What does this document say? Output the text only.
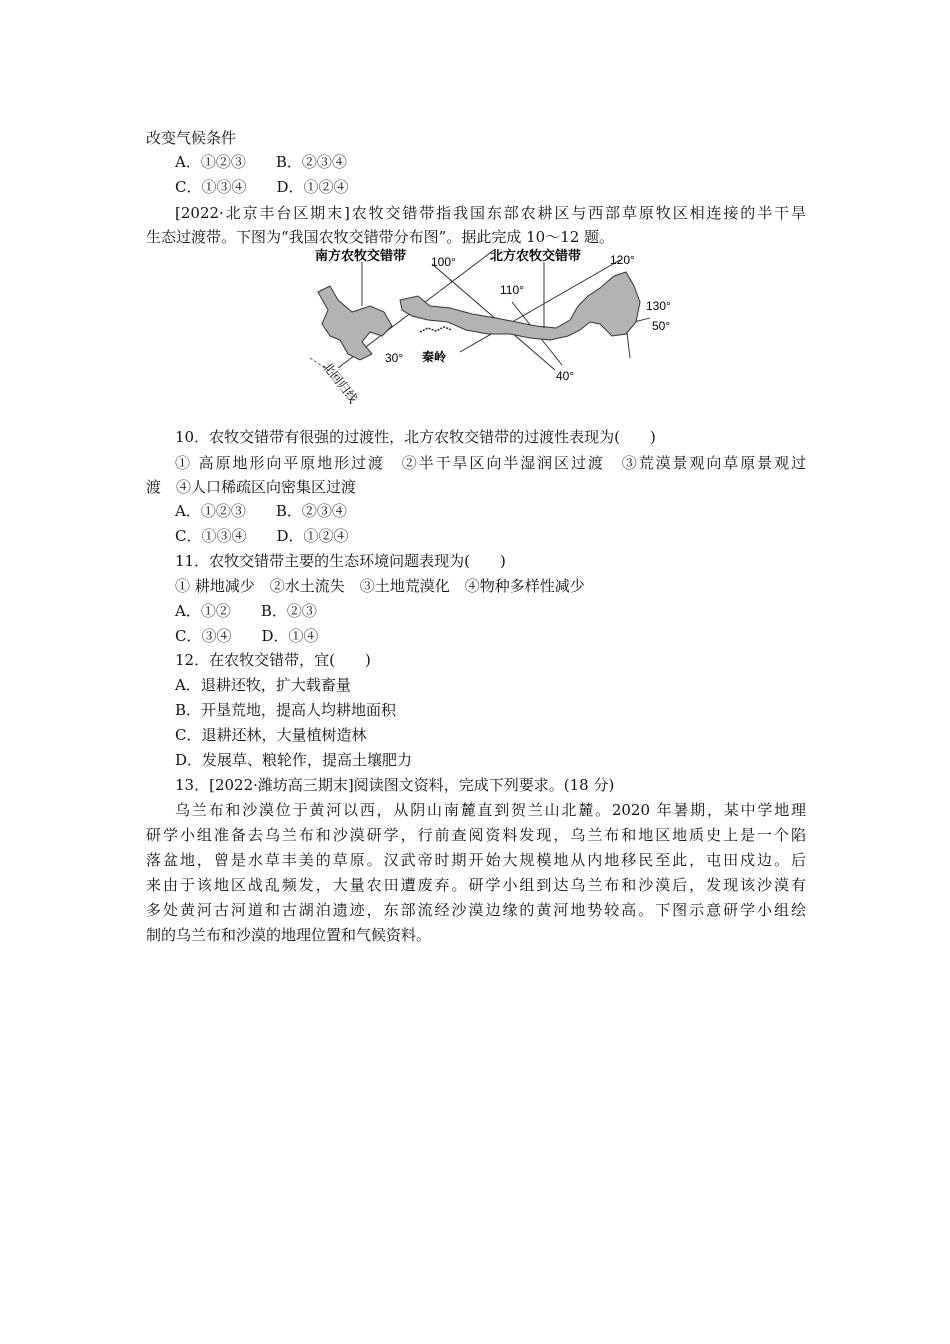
改变气候条件
A．①②③　　B．②③④
C．①③④　　D．①②④
[2022·北京丰台区期末]农牧交错带指我国东部农耕区与西部草原牧区相连接的半干旱
生态过渡带。下图为“我国农牧交错带分布图”。据此完成 10～12 题。
南方农牧交错带	北方农牧交错带
100°
110°
120°
130°
50°
30°
40°
秦岭
北回归线
10．农牧交错带有很强的过渡性，北方农牧交错带的过渡性表现为(　　)
① 高原地形向平原地形过渡　②半干旱区向半湿润区过渡　③荒漠景观向草原景观过
渡　④人口稀疏区向密集区过渡
A．①②③　　B．②③④
C．①③④　　D．①②④
11．农牧交错带主要的生态环境问题表现为(　　)
① 耕地减少　②水土流失　③土地荒漠化　④物种多样性减少
A．①②　　B．②③
C．③④　　D．①④
12．在农牧交错带，宜(　　)
A．退耕还牧，扩大载畜量
B．开垦荒地，提高人均耕地面积
C．退耕还林，大量植树造林
D．发展草、粮轮作，提高土壤肥力
13．[2022·潍坊高三期末]阅读图文资料，完成下列要求。(18 分)
乌兰布和沙漠位于黄河以西，从阴山南麓直到贺兰山北麓。2020 年暑期，某中学地理
研学小组准备去乌兰布和沙漠研学，行前查阅资料发现，乌兰布和地区地质史上是一个陷
落盆地，曾是水草丰美的草原。汉武帝时期开始大规模地从内地移民至此，屯田戍边。后
来由于该地区战乱频发，大量农田遭废弃。研学小组到达乌兰布和沙漠后，发现该沙漠有
多处黄河古河道和古湖泊遗迹，东部流经沙漠边缘的黄河地势较高。下图示意研学小组绘
制的乌兰布和沙漠的地理位置和气候资料。
